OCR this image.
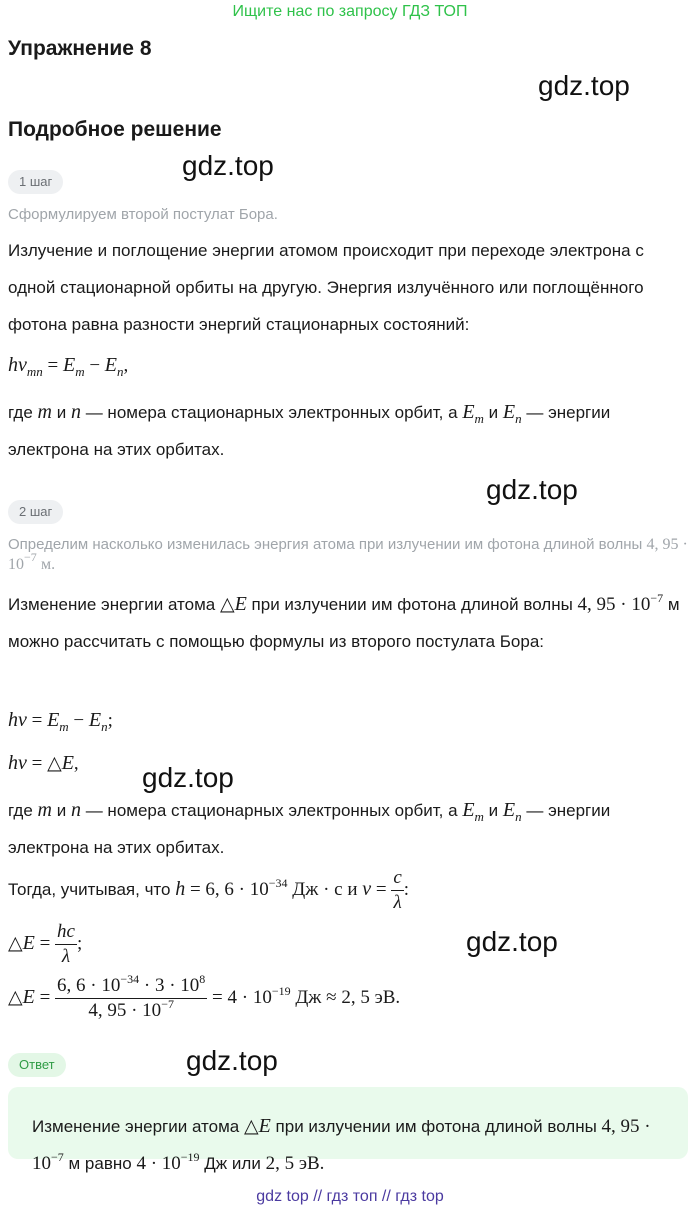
Ищите нас по запросу ГДЗ ТОП
Упражнение 8
gdz.top
Подробное решение
gdz.top
1 шаг
Сформулируем второй постулат Бора.
Излучение и поглощение энергии атомом происходит при переходе электрона с одной стационарной орбиты на другую. Энергия излучённого или поглощённого фотона равна разности энергий стационарных состояний:
$h\nu_{mn} = E_m - E_n$,
где m и n — номера стационарных электронных орбит, а $E_m$ и $E_n$ — энергии электрона на этих орбитах.
gdz.top
2 шаг
Определим насколько изменилась энергия атома при излучении им фотона длиной волны 4, $95 \cdot 10^{-7}$ м.
Изменение энергии атома △E при излучении им фотона длиной волны 4, $95 \cdot 10^{-7}$ м можно рассчитать с помощью формулы из второго постулата Бора:
$h\nu = E_m - E_n$;
hν = △E, gdz.top
где m и n — номера стационарных электронных орбит, а $E_m$ и $E_n$ — энергии электрона на этих орбитах.
Тогда, учитывая, что h = 6, $6 \cdot 10^{-34}$ Дж · с и $\nu = \frac{c}{\lambda}$ :
△E = $\frac{hc}{\lambda}$ ;	gdz.top
△E = $\frac{6, 6 \cdot 10^{-34} \cdot 3 \cdot 10^8}{4, 95 \cdot 10^{-7}} = 4 \cdot 10^{-19}$ Дж ≈ 2, 5 эВ.
Ответ	gdz.top
Изменение энергии атома △E при излучении им фотона длиной волны 4, $95 \cdot 10^{-7}$ м равно $4 \cdot 10^{-19}$ Дж или 2, 5 эВ.
gdz top // гдз топ // гдз top
